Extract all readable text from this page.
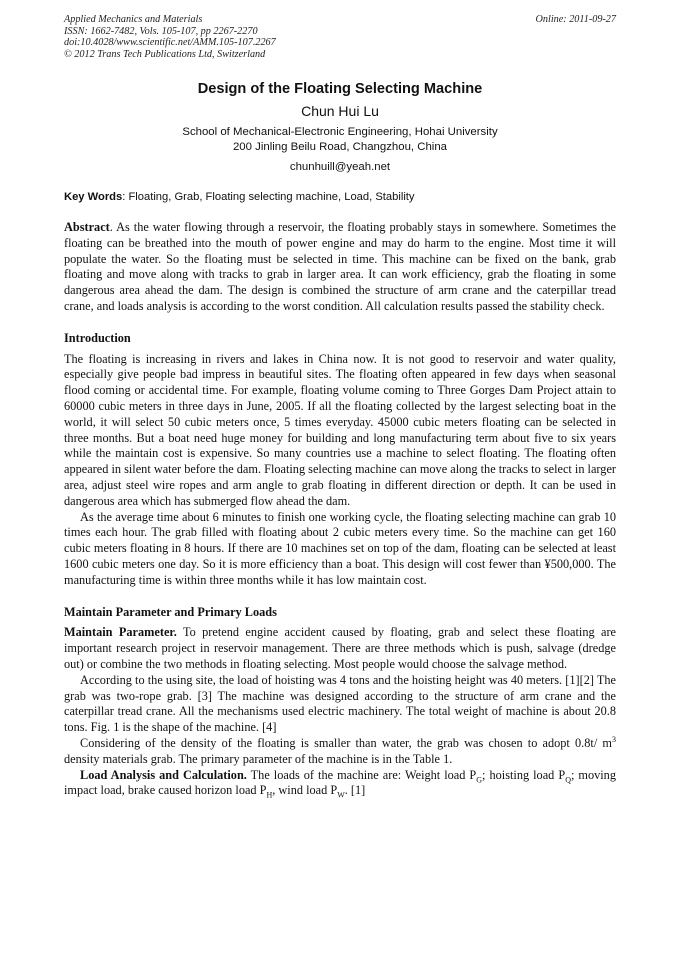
Applied Mechanics and Materials
ISSN: 1662-7482, Vols. 105-107, pp 2267-2270
doi:10.4028/www.scientific.net/AMM.105-107.2267
© 2012 Trans Tech Publications Ltd, Switzerland
Online: 2011-09-27
Design of the Floating Selecting Machine
Chun Hui Lu
School of Mechanical-Electronic Engineering, Hohai University
200 Jinling Beilu Road, Changzhou, China
chunhuill@yeah.net
Key Words: Floating, Grab, Floating selecting machine, Load, Stability

Abstract. As the water flowing through a reservoir, the floating probably stays in somewhere. Sometimes the floating can be breathed into the mouth of power engine and may do harm to the engine. Most time it will populate the water. So the floating must be selected in time. This machine can be fixed on the bank, grab floating and move along with tracks to grab in larger area. It can work efficiency, grab the floating in some dangerous area ahead the dam. The design is combined the structure of arm crane and the caterpillar tread crane, and loads analysis is according to the worst condition. All calculation results passed the stability check.

Introduction

The floating is increasing in rivers and lakes in China now. It is not good to reservoir and water quality, especially give people bad impress in beautiful sites. The floating often appeared in few days when seasonal flood coming or accidental time. For example, floating volume coming to Three Gorges Dam Project attain to 60000 cubic meters in three days in June, 2005. If all the floating collected by the largest selecting boat in the world, it will select 50 cubic meters once, 5 times everyday. 45000 cubic meters floating can be selected in three months. But a boat need huge money for building and long manufacturing term about five to six years while the maintain cost is expensive. So many countries use a machine to select floating. The floating often appeared in silent water before the dam. Floating selecting machine can move along the tracks to select in larger area, adjust steel wire ropes and arm angle to grab floating in different direction or depth. It can be used in dangerous area which has submerged flow ahead the dam.

As the average time about 6 minutes to finish one working cycle, the floating selecting machine can grab 10 times each hour. The grab filled with floating about 2 cubic meters every time. So the machine can get 160 cubic meters floating in 8 hours. If there are 10 machines set on top of the dam, floating can be selected at least 1600 cubic meters one day. So it is more efficiency than a boat. This design will cost fewer than ¥500,000. The manufacturing time is within three months while it has low maintain cost.

Maintain Parameter and Primary Loads

Maintain Parameter. To pretend engine accident caused by floating, grab and select these floating are important research project in reservoir management. There are three methods which is push, salvage (dredge out) or combine the two methods in floating selecting. Most people would choose the salvage method.

According to the using site, the load of hoisting was 4 tons and the hoisting height was 40 meters. [1][2] The grab was two-rope grab. [3] The machine was designed according to the structure of arm crane and the caterpillar tread crane. All the mechanisms used electric machinery. The total weight of machine is about 20.8 tons. Fig. 1 is the shape of the machine. [4]

Considering of the density of the floating is smaller than water, the grab was chosen to adopt 0.8t/ $m^3$ density materials grab. The primary parameter of the machine is in the Table 1.

Load Analysis and Calculation. The loads of the machine are: Weight load $P_G$; hoisting load $P_Q$; moving impact load, brake caused horizon load $P_H$, wind load $P_W$. [1]
